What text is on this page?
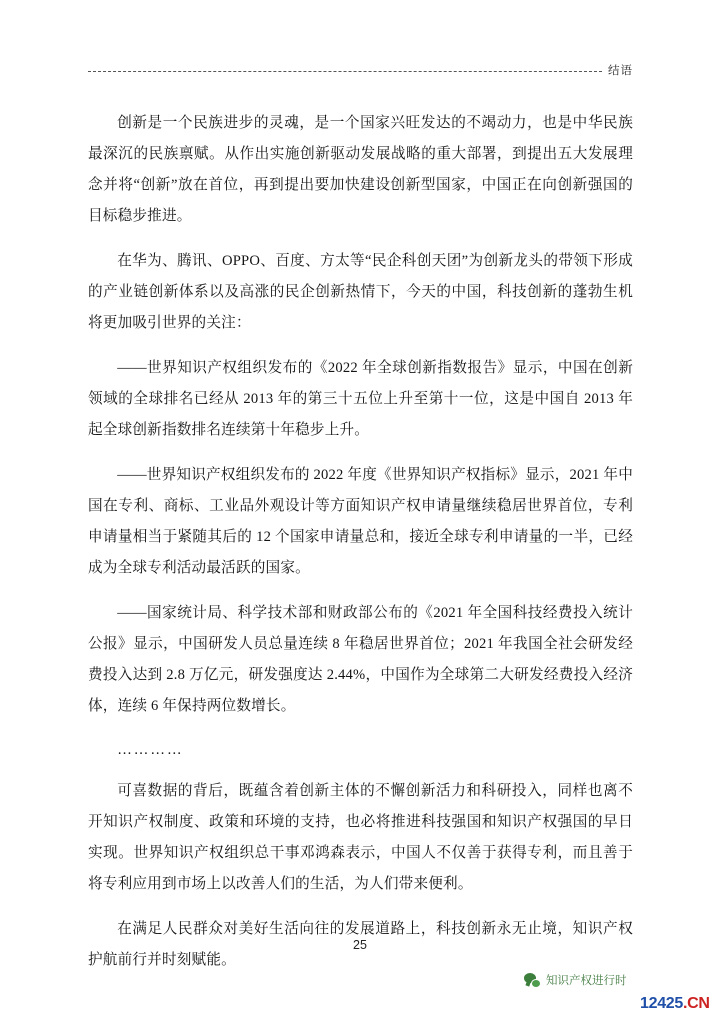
结语

创新是一个民族进步的灵魂，是一个国家兴旺发达的不竭动力，也是中华民族最深沉的民族禀赋。从作出实施创新驱动发展战略的重大部署，到提出五大发展理念并将“创新”放在首位，再到提出要加快建设创新型国家，中国正在向创新强国的目标稳步推进。

在华为、腾讯、OPPO、百度、方太等“民企科创天团”为创新龙头的带领下形成的产业链创新体系以及高涨的民企创新热情下，今天的中国，科技创新的蓬勃生机将更加吸引世界的关注：

——世界知识产权组织发布的《2022 年全球创新指数报告》显示，中国在创新领域的全球排名已经从 2013 年的第三十五位上升至第十一位，这是中国自 2013 年起全球创新指数排名连续第十年稳步上升。

——世界知识产权组织发布的 2022 年度《世界知识产权指标》显示，2021 年中国在专利、商标、工业品外观设计等方面知识产权申请量继续稳居世界首位，专利申请量相当于紧随其后的 12 个国家申请量总和，接近全球专利申请量的一半，已经成为全球专利活动最活跃的国家。

——国家统计局、科学技术部和财政部公布的《2021 年全国科技经费投入统计公报》显示，中国研发人员总量连续 8 年稳居世界首位；2021 年我国全社会研发经费投入达到 2.8 万亿元，研发强度达 2.44%，中国作为全球第二大研发经费投入经济体，连续 6 年保持两位数增长。

…………

可喜数据的背后，既蕴含着创新主体的不懈创新活力和科研投入，同样也离不开知识产权制度、政策和环境的支持，也必将推进科技强国和知识产权强国的早日实现。世界知识产权组织总干事邓鸿森表示，中国人不仅善于获得专利，而且善于将专利应用到市场上以改善人们的生活，为人们带来便利。

在满足人民群众对美好生活向往的发展道路上，科技创新永无止境，知识产权护航前行并时刻赋能。

25
知识产权进行时
12425.CN
